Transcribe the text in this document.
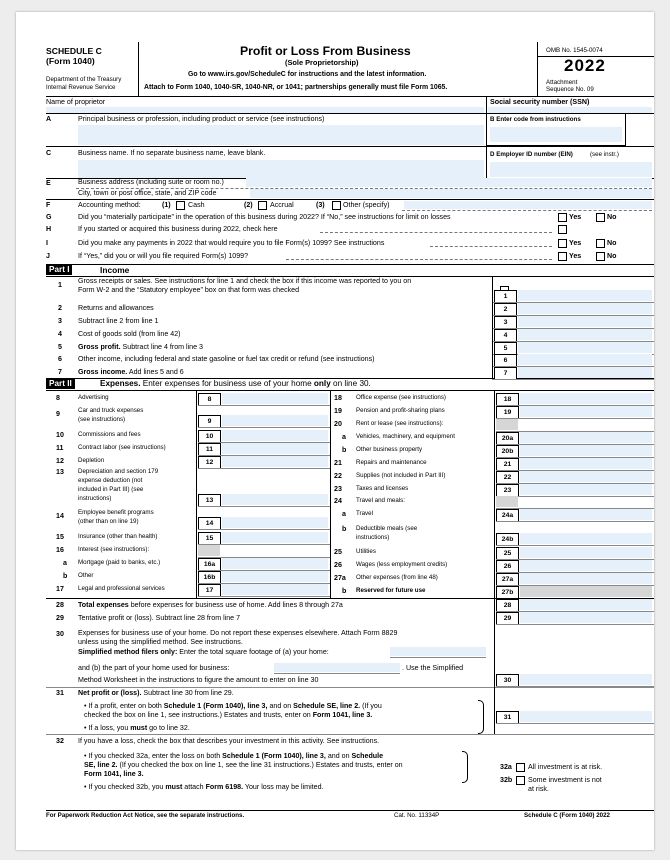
SCHEDULE C
(Form 1040)
Department of the Treasury
Internal Revenue Service
Profit or Loss From Business
(Sole Proprietorship)
Go to www.irs.gov/ScheduleC for instructions and the latest information.
Attach to Form 1040, 1040-SR, 1040-NR, or 1041; partnerships generally must file Form 1065.
OMB No. 1545-0074
2022
Attachment
Sequence No. 09
Name of proprietor	Social security number (SSN)
A	Principal business or profession, including product or service (see instructions)	B Enter code from instructions
C	Business name. If no separate business name, leave blank.	D Employer ID number (EIN)	(see instr.)
E	Business address (including suite or room no.)
City, town or post office, state, and ZIP code
F	Accounting method:	(1) Cash	(2) Accrual	(3)	Other (specify)
G	Did you “materially participate” in the operation of this business during 2022? If “No,” see instructions for limit on losses	Yes	No
H	If you started or acquired this business during 2022, check here
I	Did you make any payments in 2022 that would require you to file Form(s) 1099? See instructions	Yes	No
J	If “Yes,” did you or will you file required Form(s) 1099?	Yes	No
Part I	Income
Part II	Expenses. Enter expenses for business use of your home only on line 30.
For Paperwork Reduction Act Notice, see the separate instructions.	Cat. No. 11334P	Schedule C (Form 1040) 2022
1 Gross receipts or sales. See instructions for line 1 and check the box if this income was reported to you on
Form W-2 and the “Statutory employee” box on that form was checked
1
2 Returns and allowances	2
3 Subtract line 2 from line 1	3
4 Cost of goods sold (from line 42)	4
5 Gross profit. Subtract line 4 from line 3	5
6 Other income, including federal and state gasoline or fuel tax credit or refund (see instructions)	6
7 Gross income. Add lines 5 and 6	7
8	Advertising	8
9	Car and truck expenses
(see instructions)	9
10 Commissions and fees	10
11 Contract labor (see instructions)	11
12 Depletion	12
13 Depreciation and section 179
expense deduction (not
included in Part III) (see
instructions)	13
14 Employee benefit programs
(other than on line 19)	14
15 Insurance (other than health)	15
16 Interest (see instructions):
a Mortgage (paid to banks, etc.)	16a
b Other	16b
17 Legal and professional services	17
18 Office expense (see instructions)	18
19 Pension and profit-sharing plans	19
20 Rent or lease (see instructions):
a Vehicles, machinery, and equipment	20a
b Other business property	20b
21 Repairs and maintenance	21
22 Supplies (not included in Part III)	22
23 Taxes and licenses	23
24 Travel and meals:
a Travel	24a
b Deductible meals (see
instructions)	24b
25 Utilities	25
26 Wages (less employment credits)	26
27a Other expenses (from line 48)	27a
b Reserved for future use	27b
28 Total expenses before expenses for business use of home. Add lines 8 through 27a	28
29 Tentative profit or (loss). Subtract line 28 from line 7	29
30 Expenses for business use of your home. Do not report these expenses elsewhere. Attach Form 8829
unless using the simplified method. See instructions.
Simplified method filers only: Enter the total square footage of (a) your home:
and (b) the part of your home used for business:	. Use the Simplified
Method Worksheet in the instructions to figure the amount to enter on line 30	30
31 Net profit or (loss). Subtract line 30 from line 29.
• If a profit, enter on both Schedule 1 (Form 1040), line 3, and on Schedule SE, line 2. (If you
checked the box on line 1, see instructions.) Estates and trusts, enter on Form 1041, line 3.
• If a loss, you must go to line 32.
31
32 If you have a loss, check the box that describes your investment in this activity. See instructions.
• If you checked 32a, enter the loss on both Schedule 1 (Form 1040), line 3, and on Schedule
SE, line 2. (If you checked the box on line 1, see the line 31 instructions.) Estates and trusts, enter on
Form 1041, line 3.
• If you checked 32b, you must attach Form 6198. Your loss may be limited.
32a All investment is at risk.
32b Some investment is not
at risk.
